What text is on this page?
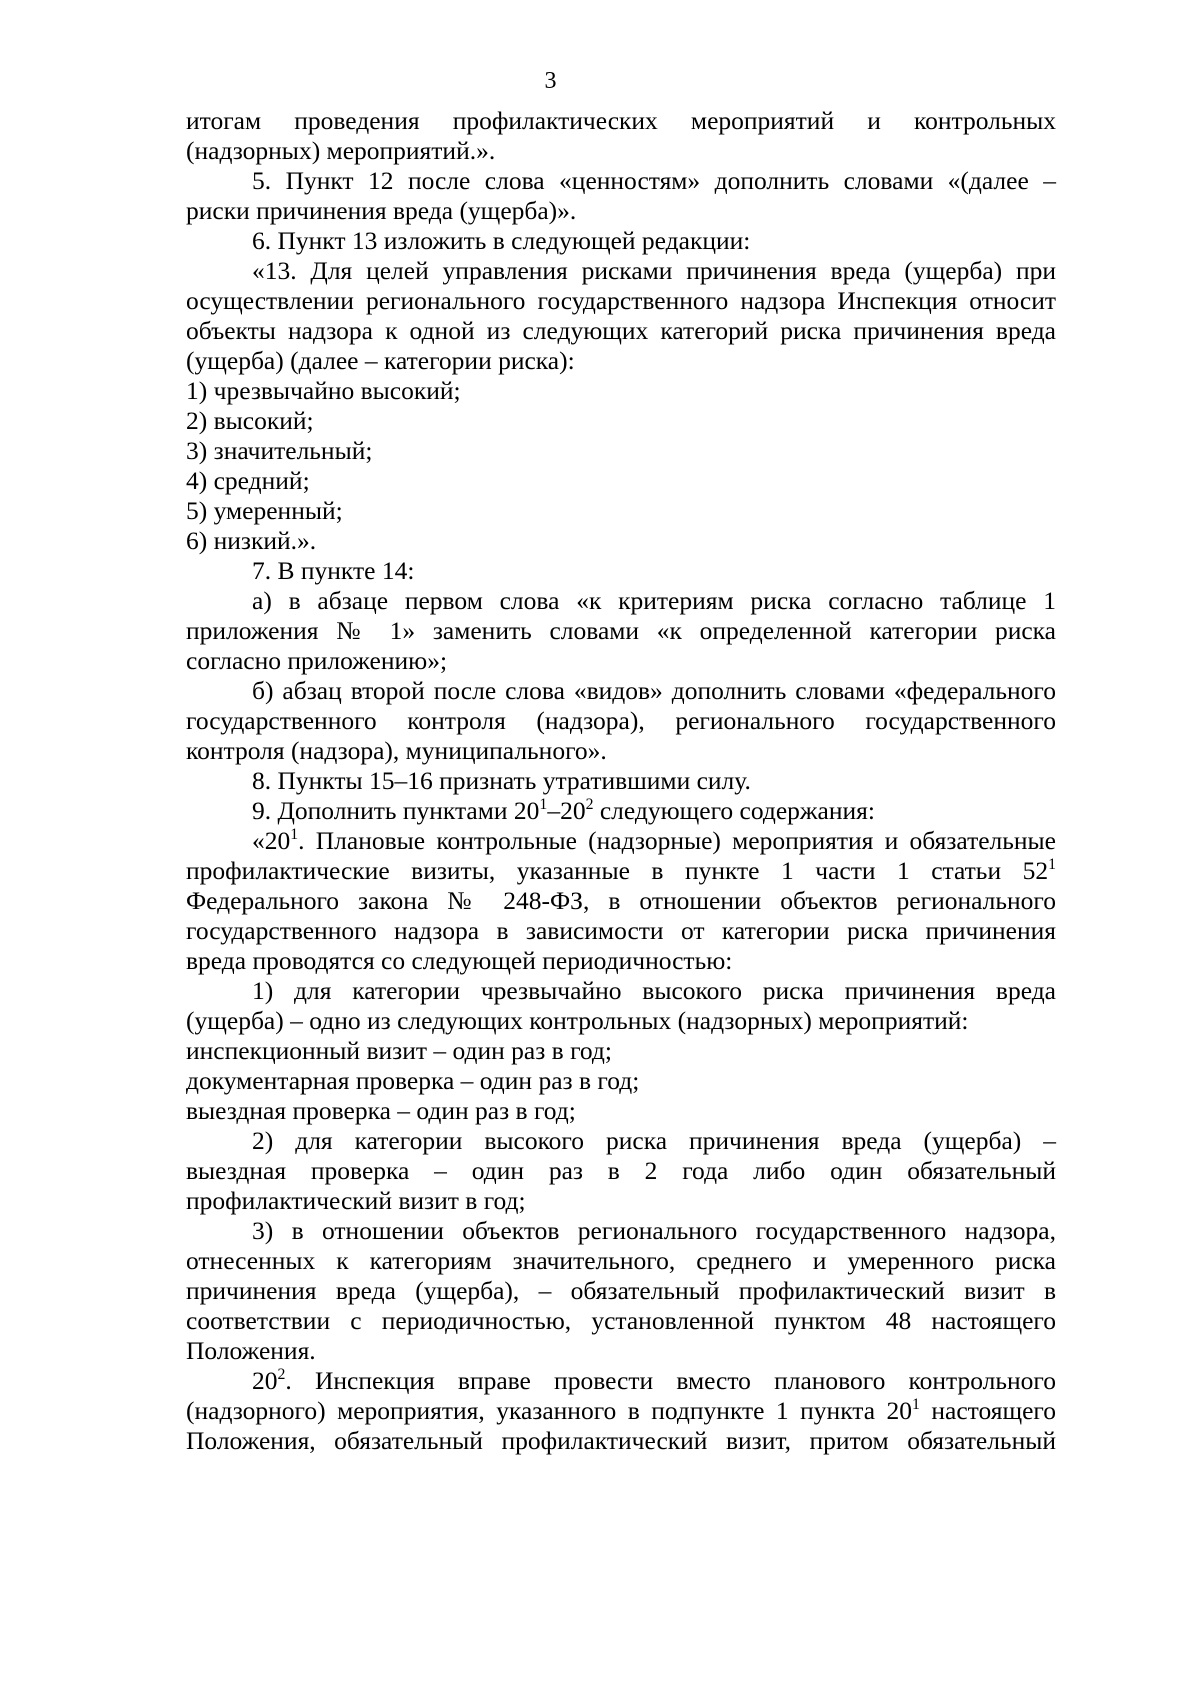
3

итогам проведения профилактических мероприятий и контрольных

(надзорных) мероприятий.».

5. Пункт 12 после слова «ценностям» дополнить словами «(далее –

риски причинения вреда (ущерба)».

6. Пункт 13 изложить в следующей редакции:

«13. Для целей управления рисками причинения вреда (ущерба) при

осуществлении регионального государственного надзора Инспекция относит

объекты надзора к одной из следующих категорий риска причинения вреда

(ущерба) (далее – категории риска):

1) чрезвычайно высокий;

2) высокий;

3) значительный;

4) средний;

5) умеренный;

6) низкий.».

7. В пункте 14:

а) в абзаце первом слова «к критериям риска согласно таблице 1

приложения № 1» заменить словами «к определенной категории риска

согласно приложению»;

б) абзац второй после слова «видов» дополнить словами «федерального

государственного контроля (надзора), регионального государственного

контроля (надзора), муниципального».

8. Пункты 15–16 признать утратившими силу.

9. Дополнить пунктами $20^1-20^2$ следующего содержания:

«$20^1$. Плановые контрольные (надзорные) мероприятия и обязательные

профилактические визиты, указанные в пункте 1 части 1 статьи $52^1$

Федерального закона № 248-ФЗ, в отношении объектов регионального

государственного надзора в зависимости от категории риска причинения

вреда проводятся со следующей периодичностью:

1) для категории чрезвычайно высокого риска причинения вреда

(ущерба) – одно из следующих контрольных (надзорных) мероприятий:

инспекционный визит – один раз в год;

документарная проверка – один раз в год;

выездная проверка – один раз в год;

2) для категории высокого риска причинения вреда (ущерба) –

выездная проверка – один раз в 2 года либо один обязательный

профилактический визит в год;

3) в отношении объектов регионального государственного надзора,

отнесенных к категориям значительного, среднего и умеренного риска

причинения вреда (ущерба), – обязательный профилактический визит в

соответствии с периодичностью, установленной пунктом 48 настоящего

Положения.

$20^2$. Инспекция вправе провести вместо планового контрольного

(надзорного) мероприятия, указанного в подпункте 1 пункта $20^1$ настоящего

Положения, обязательный профилактический визит, притом обязательный
